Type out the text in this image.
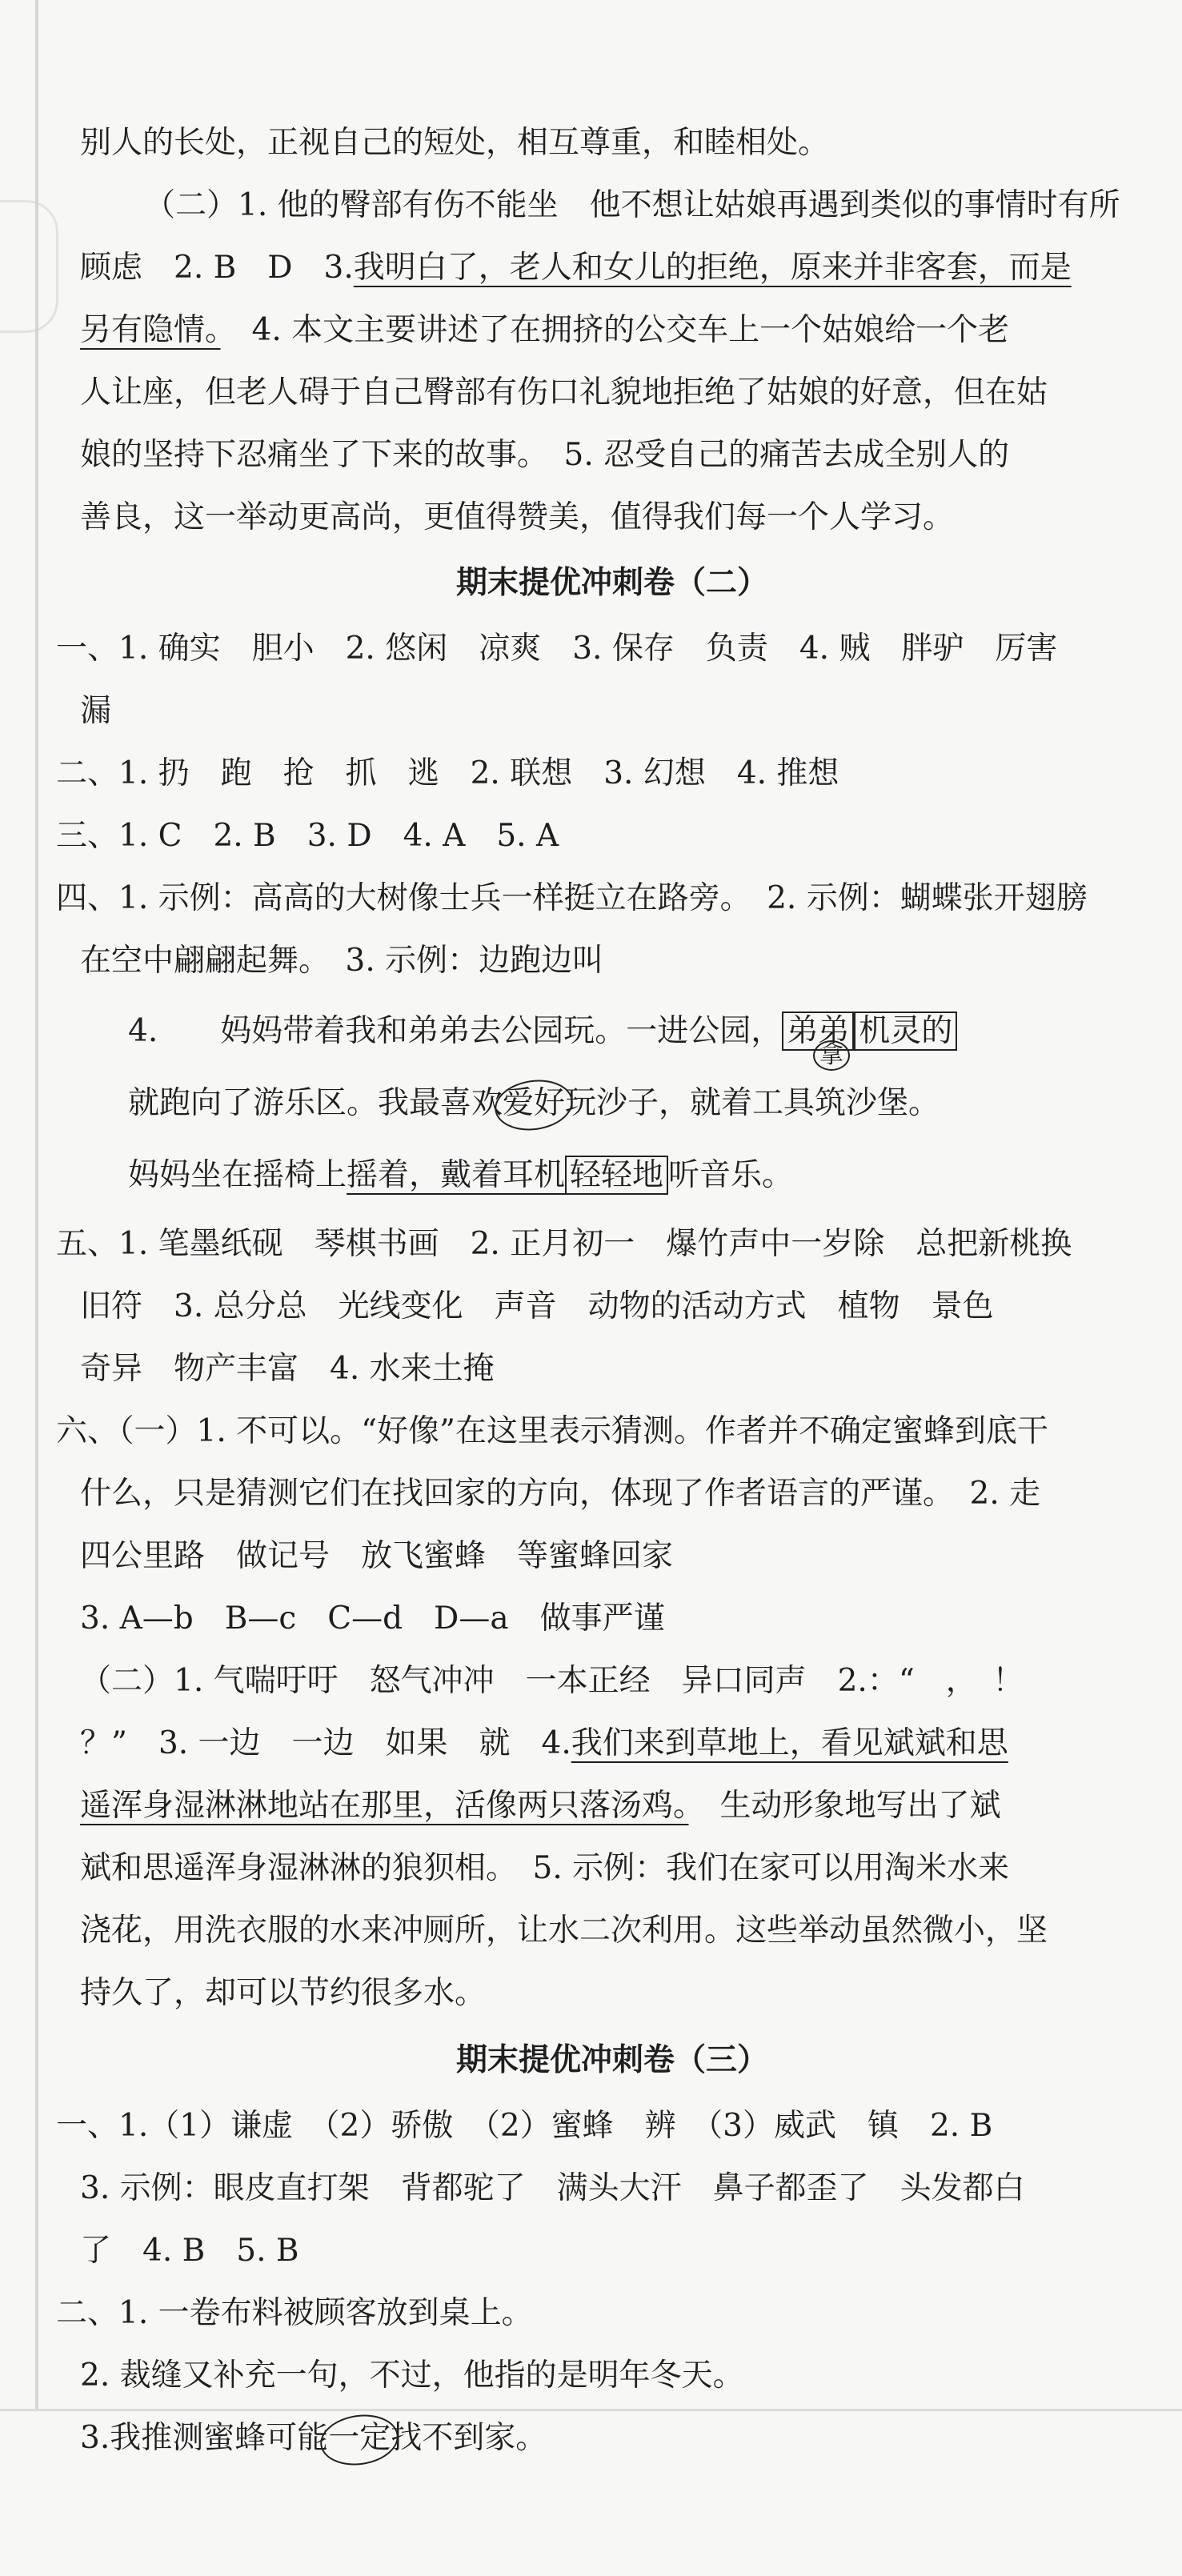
别人的长处，正视自己的短处，相互尊重，和睦相处。
（二）1. 他的臀部有伤不能坐　他不想让姑娘再遇到类似的事情时有所
顾虑　2. B　D　3.我明白了，老人和女儿的拒绝，原来并非客套，而是
另有隐情。　4. 本文主要讲述了在拥挤的公交车上一个姑娘给一个老
人让座，但老人碍于自己臀部有伤口礼貌地拒绝了姑娘的好意，但在姑
娘的坚持下忍痛坐了下来的故事。　5. 忍受自己的痛苦去成全别人的
善良，这一举动更高尚，更值得赞美，值得我们每一个人学习。
期末提优冲刺卷（二）
一、1. 确实　胆小　2. 悠闲　凉爽　3. 保存　负责　4. 贼　胖驴　厉害
漏
二、1. 扔　跑　抢　抓　逃　2. 联想　3. 幻想　4. 推想
三、1. C　2. B　3. D　4. A　5. A
四、1. 示例：高高的大树像士兵一样挺立在路旁。　2. 示例：蝴蝶张开翅膀
在空中翩翩起舞。　3. 示例：边跑边叫
4.　　妈妈带着我和弟弟去公园玩。一进公园， 弟弟 机灵的
就跑向了游乐区。我最喜欢爱好玩沙子，就着工具筑沙堡。
拿
妈妈坐在摇椅上摇着，戴着耳机 轻轻地 听音乐。
五、1. 笔墨纸砚　琴棋书画　2. 正月初一　爆竹声中一岁除　总把新桃换
旧符　3. 总分总　光线变化　声音　动物的活动方式　植物　景色
奇异　物产丰富　4. 水来土掩
六、（一）1. 不可以。“好像”在这里表示猜测。作者并不确定蜜蜂到底干
什么，只是猜测它们在找回家的方向，体现了作者语言的严谨。　2. 走
四公里路　做记号　放飞蜜蜂　等蜜蜂回家
3. A—b　B—c　C—d　D—a　做事严谨
（二）1. 气喘吁吁　怒气冲冲　一本正经　异口同声　2.：“　，　！
？”　3. 一边　一边　如果　就　4.我们来到草地上，看见斌斌和思
遥浑身湿淋淋地站在那里，活像两只落汤鸡。　生动形象地写出了斌
斌和思遥浑身湿淋淋的狼狈相。　5. 示例：我们在家可以用淘米水来
浇花，用洗衣服的水来冲厕所，让水二次利用。这些举动虽然微小，坚
持久了，却可以节约很多水。
期末提优冲刺卷（三）
一、1.（1）谦虚　（2）骄傲　（2）蜜蜂　辨　（3）威武　镇　2. B
3. 示例：眼皮直打架　背都驼了　满头大汗　鼻子都歪了　头发都白
了　4. B　5. B
二、1. 一卷布料被顾客放到桌上。
2. 裁缝又补充一句，不过，他指的是明年冬天。
3.我推测蜜蜂可能一定找不到家。
